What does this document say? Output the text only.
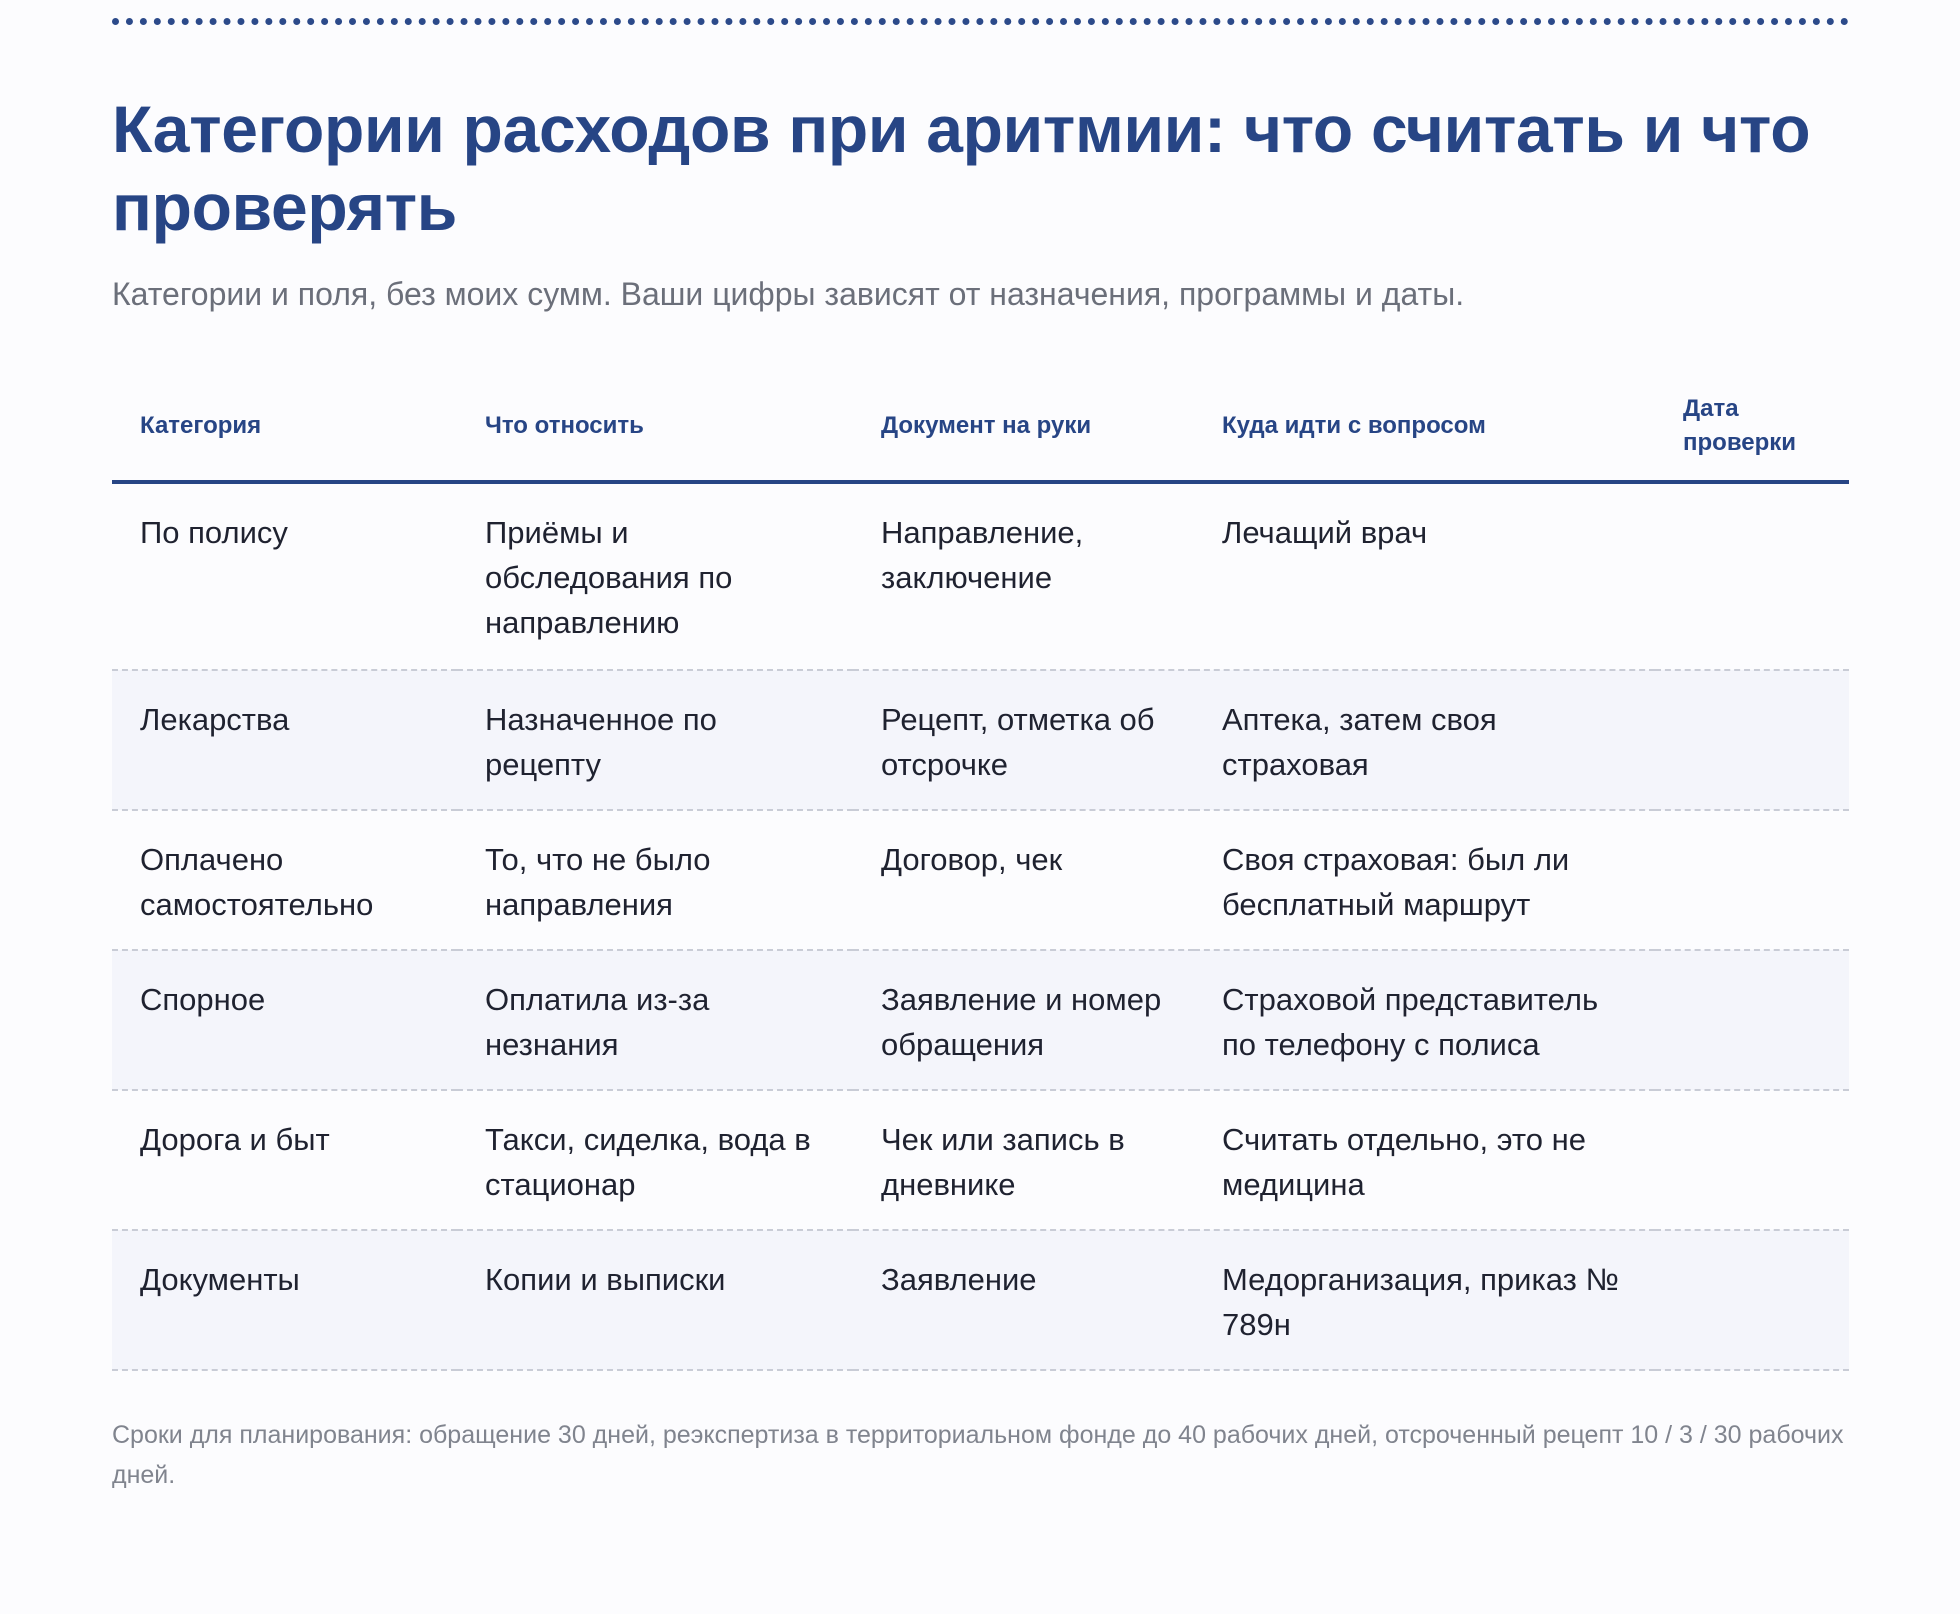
Категории расходов при аритмии: что считать и что проверять

Категории и поля, без моих сумм. Ваши цифры зависят от назначения, программы и даты.

Категория	Что относить	Документ на руки	Куда идти с вопросом	Дата проверки
По полису	Приёмы и обследования по направлению	Направление, заключение	Лечащий врач	
Лекарства	Назначенное по рецепту	Рецепт, отметка об отсрочке	Аптека, затем своя страховая	
Оплачено самостоятельно	То, что не было направления	Договор, чек	Своя страховая: был ли бесплатный маршрут	
Спорное	Оплатила из-за незнания	Заявление и номер обращения	Страховой представитель по телефону с полиса	
Дорога и быт	Такси, сиделка, вода в стационар	Чек или запись в дневнике	Считать отдельно, это не медицина	
Документы	Копии и выписки	Заявление	Медорганизация, приказ № 789н	

Сроки для планирования: обращение 30 дней, реэкспертиза в территориальном фонде до 40 рабочих дней, отсроченный рецепт 10 / 3 / 30 рабочих дней.
